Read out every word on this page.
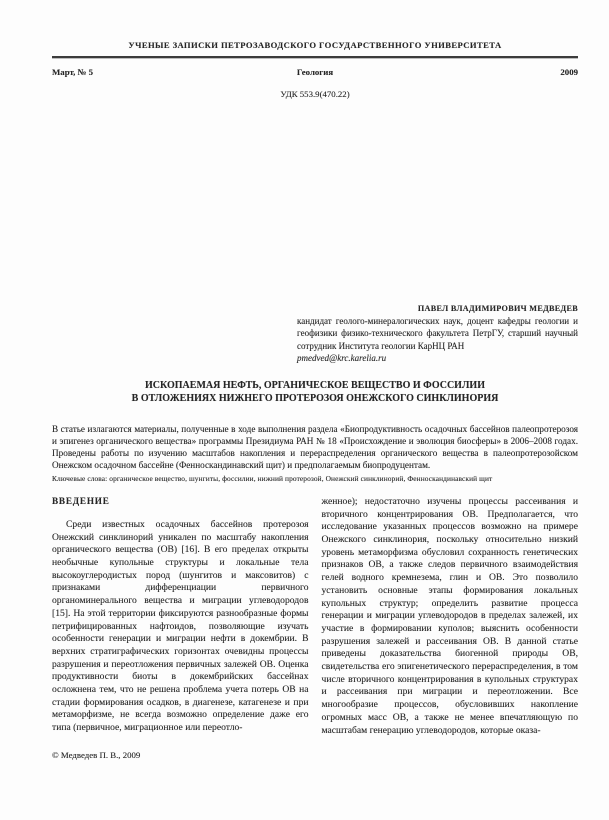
УЧЕНЫЕ ЗАПИСКИ ПЕТРОЗАВОДСКОГО ГОСУДАРСТВЕННОГО УНИВЕРСИТЕТА
Март, № 5	Геология	2009
УДК 553.9(470.22)
ПАВЕЛ ВЛАДИМИРОВИЧ МЕДВЕДЕВ
кандидат геолого-минералогических наук, доцент кафедры геологии и геофизики физико-технического факультета ПетрГУ, старший научный сотрудник Института геологии КарНЦ РАН
pmedved@krc.karelia.ru
ИСКОПАЕМАЯ НЕФТЬ, ОРГАНИЧЕСКОЕ ВЕЩЕСТВО И ФОССИЛИИ
В ОТЛОЖЕНИЯХ НИЖНЕГО ПРОТЕРОЗОЯ ОНЕЖСКОГО СИНКЛИНОРИЯ
В статье излагаются материалы, полученные в ходе выполнения раздела «Биопродуктивность осадочных бассейнов палеопротерозоя и эпигенез органического вещества» программы Президиума РАН № 18 «Происхождение и эволюция биосферы» в 2006–2008 годах. Проведены работы по изучению масштабов накопления и перераспределения органического вещества в палеопротерозойском Онежском осадочном бассейне (Фенноскандинавский щит) и предполагаемым биопродуцентам.
Ключевые слова: органическое вещество, шунгиты, фоссилии, нижний протерозой, Онежский синклинорий, Фенноскандинавский щит
ВВЕДЕНИЕ
Среди известных осадочных бассейнов протерозоя Онежский синклинорий уникален по масштабу накопления органического вещества (ОВ) [16]. В его пределах открыты необычные купольные структуры и локальные тела высокоуглеродистых пород (шунгитов и максовитов) с признаками дифференциации первичного органоминерального вещества и миграции углеводородов [15]. На этой территории фиксируются разнообразные формы петрифицированных нафтоидов, позволяющие изучать особенности генерации и миграции нефти в докембрии. В верхних стратиграфических горизонтах очевидны процессы разрушения и переотложения первичных залежей ОВ. Оценка продуктивности биоты в докембрийских бассейнах осложнена тем, что не решена проблема учета потерь ОВ на стадии формирования осадков, в диагенезе, катагенезе и при метаморфизме, не всегда возможно определение даже его типа (первичное, миграционное или переотло-
© Медведев П. В., 2009
женное); недостаточно изучены процессы рассеивания и вторичного концентрирования ОВ. Предполагается, что исследование указанных процессов возможно на примере Онежского синклинория, поскольку относительно низкий уровень метаморфизма обусловил сохранность генетических признаков ОВ, а также следов первичного взаимодействия гелей водного кремнезема, глин и ОВ. Это позволило установить основные этапы формирования локальных купольных структур; определить развитие процесса генерации и миграции углеводородов в пределах залежей, их участие в формировании куполов; выяснить особенности разрушения залежей и рассеивания ОВ. В данной статье приведены доказательства биогенной природы ОВ, свидетельства его эпигенетического перераспределения, в том числе вторичного концентрирования в купольных структурах и рассеивания при миграции и переотложении. Все многообразие процессов, обусловивших накопление огромных масс ОВ, а также не менее впечатляющую по масштабам генерацию углеводородов, которые оказа-
